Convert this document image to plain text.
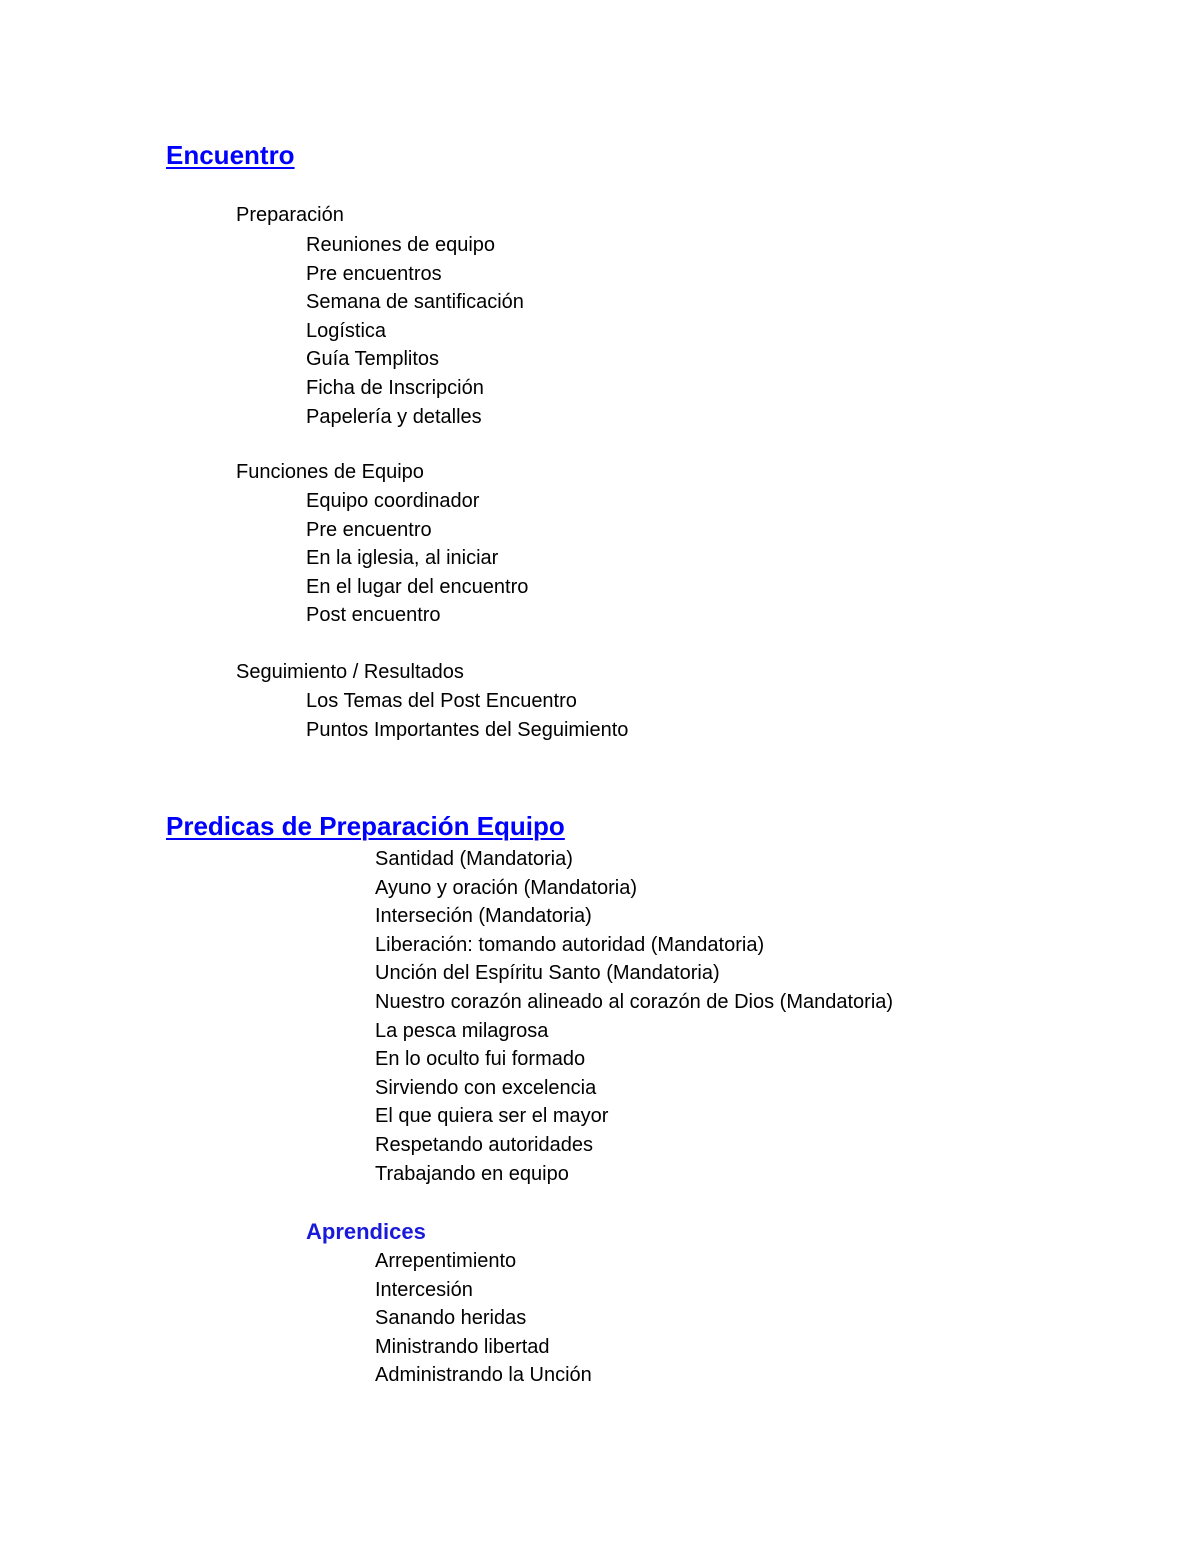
Encuentro
Preparación
Reuniones de equipo
Pre encuentros
Semana de santificación
Logística
Guía Templitos
Ficha de Inscripción
Papelería y detalles
Funciones de Equipo
Equipo coordinador
Pre encuentro
En la iglesia, al iniciar
En el lugar del encuentro
Post encuentro
Seguimiento / Resultados
Los Temas del Post Encuentro
Puntos Importantes del Seguimiento
Predicas de Preparación Equipo
Santidad (Mandatoria)
Ayuno y oración (Mandatoria)
Interseción (Mandatoria)
Liberación: tomando autoridad (Mandatoria)
Unción del Espíritu Santo (Mandatoria)
Nuestro corazón alineado al corazón de Dios (Mandatoria)
La pesca milagrosa
En lo oculto fui formado
Sirviendo con excelencia
El que quiera ser el mayor
Respetando autoridades
Trabajando en equipo
Aprendices
Arrepentimiento
Intercesión
Sanando heridas
Ministrando libertad
Administrando la Unción
